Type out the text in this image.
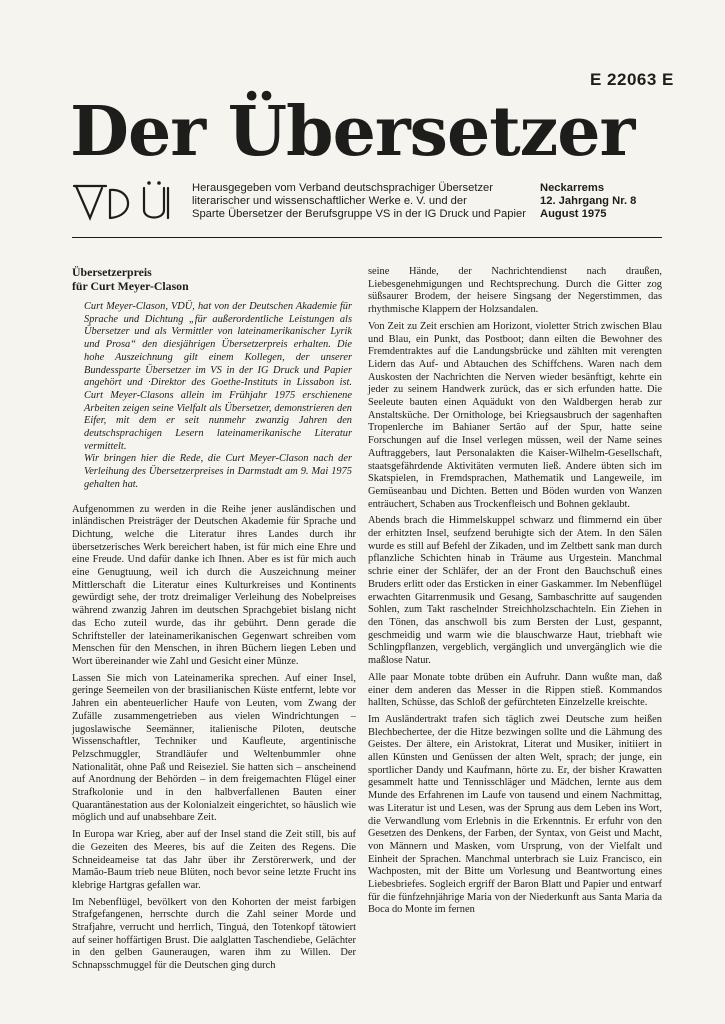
E 22063 E
Der Übersetzer
Herausgegeben vom Verband deutschsprachiger Übersetzer
literarischer und wissenschaftlicher Werke e. V. und der
Sparte Übersetzer der Berufsgruppe VS in der IG Druck und Papier
Neckarrems
12. Jahrgang Nr. 8
August 1975
Übersetzerpreis
für Curt Meyer-Clason

Curt Meyer-Clason, VDÜ, hat von der Deutschen Akademie für Sprache und Dichtung „für außerordentliche Leistungen als Übersetzer und als Vermittler von lateinamerikanischer Lyrik und Prosa“ den diesjährigen Übersetzerpreis erhalten. Die hohe Auszeichnung gilt einem Kollegen, der unserer Bundessparte Übersetzer im VS in der IG Druck und Papier angehört und ·Direktor des Goethe-Instituts in Lissabon ist. Curt Meyer-Clasons allein im Frühjahr 1975 erschienene Arbeiten zeigen seine Vielfalt als Übersetzer, demonstrieren den Eifer, mit dem er seit nunmehr zwanzig Jahren den deutschsprachigen Lesern lateinamerikanische Literatur vermittelt.

Wir bringen hier die Rede, die Curt Meyer-Clason nach der Verleihung des Übersetzerpreises in Darmstadt am 9. Mai 1975 gehalten hat.

Aufgenommen zu werden in die Reihe jener ausländischen und inländischen Preisträger der Deutschen Akademie für Sprache und Dichtung, welche die Literatur ihres Landes durch ihr übersetzerisches Werk bereichert haben, ist für mich eine Ehre und eine Freude. Und dafür danke ich Ihnen. Aber es ist für mich auch eine Genugtuung, weil ich durch die Auszeichnung meiner Mittlerschaft die Literatur eines Kulturkreises und Kontinents gewürdigt sehe, der trotz dreimaliger Verleihung des Nobelpreises während zwanzig Jahren im deutschen Sprachgebiet bislang nicht das Echo zuteil wurde, das ihr gebührt. Denn gerade die Schriftsteller der lateinamerikanischen Gegenwart schreiben vom Menschen für den Menschen, in ihren Büchern liegen Leben und Wort übereinander wie Zahl und Gesicht einer Münze.

Lassen Sie mich von Lateinamerika sprechen. Auf einer Insel, geringe Seemeilen von der brasilianischen Küste entfernt, lebte vor Jahren ein abenteuerlicher Haufe von Leuten, vom Zwang der Zufälle zusammengetrieben aus vielen Windrichtungen – jugoslawische Seemänner, italienische Piloten, deutsche Wissenschaftler, Techniker und Kaufleute, argentinische Pelzschmuggler, Strandläufer und Weltenbummler ohne Nationalität, ohne Paß und Reiseziel. Sie hatten sich – anscheinend auf Anordnung der Behörden – in dem freigemachten Flügel einer Strafkolonie und in den halbverfallenen Bauten einer Quarantänestation aus der Kolonialzeit eingerichtet, so häuslich wie möglich und auf unabsehbare Zeit.

In Europa war Krieg, aber auf der Insel stand die Zeit still, bis auf die Gezeiten des Meeres, bis auf die Zeiten des Regens. Die Schneideameise tat das Jahr über ihr Zerstörerwerk, und der Mamão-Baum trieb neue Blüten, noch bevor seine letzte Frucht ins klebrige Hartgras gefallen war.

Im Nebenflügel, bevölkert von den Kohorten der meist farbigen Strafgefangenen, herrschte durch die Zahl seiner Morde und Strafjahre, verrucht und herrlich, Tinguá, den Totenkopf tätowiert auf seiner hoffärtigen Brust. Die aalglatten Taschendiebe, Gelächter in den gelben Gauneraugen, waren ihm zu Willen. Der Schnapsschmuggel für die Deutschen ging durch

seine Hände, der Nachrichtendienst nach draußen, Liebesgenehmigungen und Rechtsprechung. Durch die Gitter zog süßsaurer Brodem, der heisere Singsang der Negerstimmen, das rhythmische Klappern der Holzsandalen.

Von Zeit zu Zeit erschien am Horizont, violetter Strich zwischen Blau und Blau, ein Punkt, das Postboot; dann eilten die Bewohner des Fremdentraktes auf die Landungsbrücke und zählten mit verengten Lidern das Auf- und Abtauchen des Schiffchens. Waren nach dem Auskosten der Nachrichten die Nerven wieder besänftigt, kehrte ein jeder zu seinem Handwerk zurück, das er sich erfunden hatte. Die Seeleute bauten einen Aquädukt von den Waldbergen herab zur Anstaltsküche. Der Ornithologe, bei Kriegsausbruch der sagenhaften Tropenlerche im Bahianer Sertão auf der Spur, hatte seine Forschungen auf die Insel verlegen müssen, weil der Name seines Auftraggebers, laut Personalakten die Kaiser-Wilhelm-Gesellschaft, staatsgefährdende Aktivitäten vermuten ließ. Andere übten sich im Skatspielen, in Fremdsprachen, Mathematik und Langeweile, im Gemüseanbau und Dichten. Betten und Böden wurden von Wanzen enträuchert, Schaben aus Trockenfleisch und Bohnen geklaubt.

Abends brach die Himmelskuppel schwarz und flimmernd ein über der erhitzten Insel, seufzend beruhigte sich der Atem. In den Sälen wurde es still auf Befehl der Zikaden, und im Zeltbett sank man durch pflanzliche Schichten hinab in Träume aus Urgestein. Manchmal schrie einer der Schläfer, der an der Front den Bauchschuß eines Bruders erlitt oder das Ersticken in einer Gaskammer. Im Nebenflügel erwachten Gitarrenmusik und Gesang, Sambaschritte auf saugenden Sohlen, zum Takt raschelnder Streichholzschachteln. Ein Ziehen in den Tönen, das anschwoll bis zum Bersten der Lust, gespannt, geschmeidig und warm wie die blauschwarze Haut, triebhaft wie Schlingpflanzen, vergeblich, vergänglich und unvergänglich wie die maßlose Natur.

Alle paar Monate tobte drüben ein Aufruhr. Dann wußte man, daß einer dem anderen das Messer in die Rippen stieß. Kommandos hallten, Schüsse, das Schloß der gefürchteten Einzelzelle kreischte.

Im Ausländertrakt trafen sich täglich zwei Deutsche zum heißen Blechbechertee, der die Hitze bezwingen sollte und die Lähmung des Geistes. Der ältere, ein Aristokrat, Literat und Musiker, initiiert in allen Künsten und Genüssen der alten Welt, sprach; der junge, ein sportlicher Dandy und Kaufmann, hörte zu. Er, der bisher Krawatten gesammelt hatte und Tennisschläger und Mädchen, lernte aus dem Munde des Erfahrenen im Laufe von tausend und einem Nachmittag, was Literatur ist und Lesen, was der Sprung aus dem Leben ins Wort, die Verwandlung vom Erlebnis in die Erkenntnis. Er erfuhr von den Gesetzen des Denkens, der Farben, der Syntax, von Geist und Macht, von Männern und Masken, vom Ursprung, von der Vielfalt und Einheit der Sprachen. Manchmal unterbrach sie Luiz Francisco, ein Wachposten, mit der Bitte um Vorlesung und Beantwortung eines Liebesbriefes. Sogleich ergriff der Baron Blatt und Papier und entwarf für die fünfzehnjährige Maria von der Niederkunft aus Santa Maria da Boca do Monte im fernen
